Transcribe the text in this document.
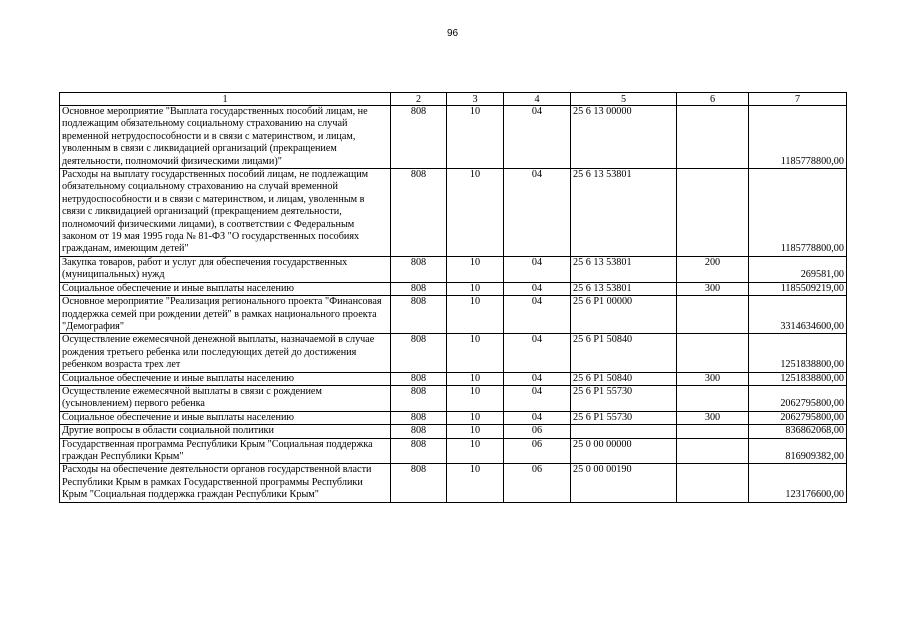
96
1	2	3	4	5	6	7
Основное мероприятие "Выплата государственных пособий лицам, не подлежащим обязательному социальному страхованию на случай временной нетрудоспособности и в связи с материнством, и лицам, уволенным в связи с ликвидацией организаций (прекращением деятельности, полномочий физическими лицами)"	808	10	04	25 6 13 00000		1185778800,00
Расходы на выплату государственных пособий лицам, не подлежащим обязательному социальному страхованию на случай временной нетрудоспособности и в связи с материнством, и лицам, уволенным в связи с ликвидацией организаций (прекращением деятельности, полномочий физическими лицами), в соответствии с Федеральным законом от 19 мая 1995 года № 81-ФЗ "О государственных пособиях гражданам, имеющим детей"	808	10	04	25 6 13 53801		1185778800,00
Закупка товаров, работ и услуг для обеспечения государственных (муниципальных) нужд	808	10	04	25 6 13 53801	200	269581,00
Социальное обеспечение и иные выплаты населению	808	10	04	25 6 13 53801	300	1185509219,00
Основное мероприятие "Реализация регионального проекта "Финансовая поддержка семей при рождении детей" в рамках национального проекта "Демография"	808	10	04	25 6 P1 00000		3314634600,00
Осуществление ежемесячной денежной выплаты, назначаемой в случае рождения третьего ребенка или последующих детей до достижения ребенком возраста трех лет	808	10	04	25 6 P1 50840		1251838800,00
Социальное обеспечение и иные выплаты населению	808	10	04	25 6 P1 50840	300	1251838800,00
Осуществление ежемесячной выплаты в связи с рождением (усыновлением) первого ребенка	808	10	04	25 6 P1 55730		2062795800,00
Социальное обеспечение и иные выплаты населению	808	10	04	25 6 P1 55730	300	2062795800,00
Другие вопросы в области социальной политики	808	10	06			836862068,00
Государственная программа Республики Крым "Социальная поддержка граждан Республики Крым"	808	10	06	25 0 00 00000		816909382,00
Расходы на обеспечение деятельности органов государственной власти Республики Крым в рамках Государственной программы Республики Крым "Социальная поддержка граждан Республики Крым"	808	10	06	25 0 00 00190		123176600,00
